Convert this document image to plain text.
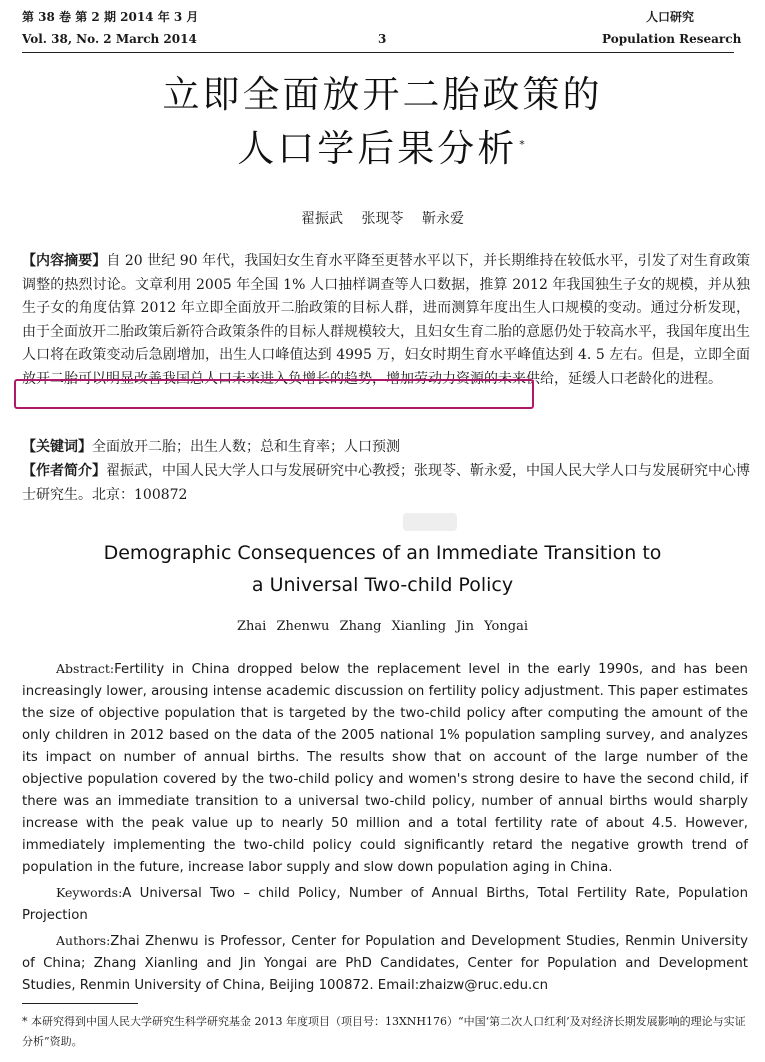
第 38 卷 第 2 期 2014 年 3 月	人口研究
Vol. 38, No. 2 March 2014	3	Population Research
立即全面放开二胎政策的
人口学后果分析 *
翟振武 张现苓 靳永爱
【内容摘要】自 20 世纪 90 年代，我国妇女生育水平降至更替水平以下，并长期维持在较低水平，引发了对生育政策调整的热烈讨论。文章利用 2005 年全国 1% 人口抽样调查等人口数据，推算 2012 年我国独生子女的规模，并从独生子女的角度估算 2012 年立即全面放开二胎政策的目标人群，进而测算年度出生人口规模的变动。通过分析发现，由于全面放开二胎政策后新符合政策条件的目标人群规模较大，且妇女生育二胎的意愿仍处于较高水平，我国年度出生人口将在政策变动后急剧增加，出生人口峰值达到 4995 万，妇女时期生育水平峰值达到 4. 5 左右。但是，立即全面放开二胎可以明显改善我国总人口未来进入负增长的趋势，增加劳动力资源的未来供给，延缓人口老龄化的进程。
【关键词】全面放开二胎；出生人数；总和生育率；人口预测
【作者简介】翟振武，中国人民大学人口与发展研究中心教授；张现苓、靳永爱，中国人民大学人口与发展研究中心博士研究生。北京：100872
Demographic Consequences of an Immediate Transition to
a Universal Two-child Policy
Zhai Zhenwu Zhang Xianling Jin Yongai
Abstract:Fertility in China dropped below the replacement level in the early 1990s, and has been increasingly lower, arousing intense academic discussion on fertility policy adjustment. This paper estimates the size of objective population that is targeted by the two-child policy after computing the amount of the only children in 2012 based on the data of the 2005 national 1% population sampling survey, and analyzes its impact on number of annual births. The results show that on account of the large number of the objective population covered by the two-child policy and women's strong desire to have the second child, if there was an immediate transition to a universal two-child policy, number of annual births would sharply increase with the peak value up to nearly 50 million and a total fertility rate of about 4.5. However, immediately implementing the two-child policy could significantly retard the negative growth trend of population in the future, increase labor supply and slow down population aging in China.
Keywords:A Universal Two – child Policy, Number of Annual Births, Total Fertility Rate, Population Projection
Authors:Zhai Zhenwu is Professor, Center for Population and Development Studies, Renmin University of China; Zhang Xianling and Jin Yongai are PhD Candidates, Center for Population and Development Studies, Renmin University of China, Beijing 100872. Email:zhaizw@ruc.edu.cn
* 本研究得到中国人民大学研究生科学研究基金 2013 年度项目（项目号：13XNH176）“中国‘第二次人口红利’及对经济长期发展影响的理论与实证分析”资助。
